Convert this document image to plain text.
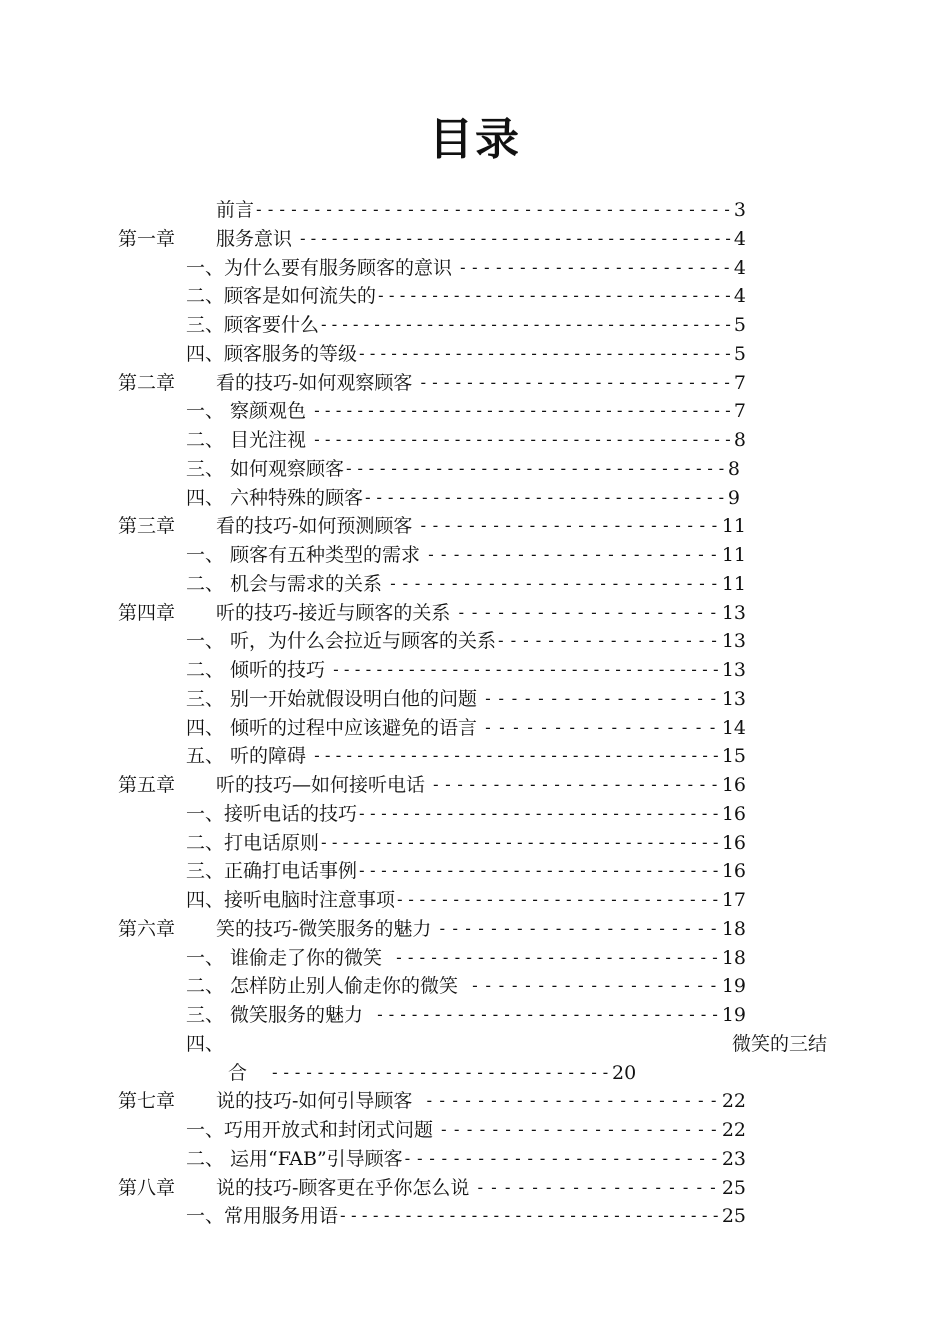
目录
前言	3
-----------------------------------------
第一章 服务意识	4
-----------------------------------------
一、为什么要有服务顾客的意识	4
-----------------------
二、顾客是如何流失的	4
---------------------------------
三、顾客要什么	5
---------------------------------------
四、顾客服务的等级	5
-----------------------------------
第二章 看的技巧-如何观察顾客	7
---------------------------
一、 察颜观色	7
---------------------------------------
二、 目光注视	8
---------------------------------------
三、 如何观察顾客	8
----------------------------------
四、 六种特殊的顾客	9
--------------------------------
第三章 看的技巧-如何预测顾客	11
-------------------------
一、 顾客有五种类型的需求	11
-----------------------
二、 机会与需求的关系	11
---------------------------
第四章 听的技巧-接近与顾客的关系	13
--------------------
一、 听，为什么会拉近与顾客的关系	13
------------------
二、 倾听的技巧	13
------------------------------------
三、 别一开始就假设明白他的问题	13
------------------
四、 倾听的过程中应该避免的语言	14
-----------------
五、 听的障碍	15
--------------------------------------
第五章 听的技巧—如何接听电话	16
------------------------
一、接听电话的技巧	16
---------------------------------
二、打电话原则	16
-------------------------------------
三、正确打电话事例	16
---------------------------------
四、接听电脑时注意事项	17
-----------------------------
第六章 笑的技巧-微笑服务的魅力	18
----------------------
一、 谁偷走了你的微笑	18
----------------------------
二、 怎样防止别人偷走你的微笑	19
-------------------
三、 微笑服务的魅力	19
------------------------------
四、	微笑的三结
合 ------------------------------ 20
第七章 说的技巧-如何引导顾客	22
-----------------------
一、巧用开放式和封闭式问题	22
----------------------
二、 运用“FAB”引导顾客	23
--------------------------
第八章 说的技巧-顾客更在乎你怎么说	25
------------------
一、常用服务用语	25
-----------------------------------
